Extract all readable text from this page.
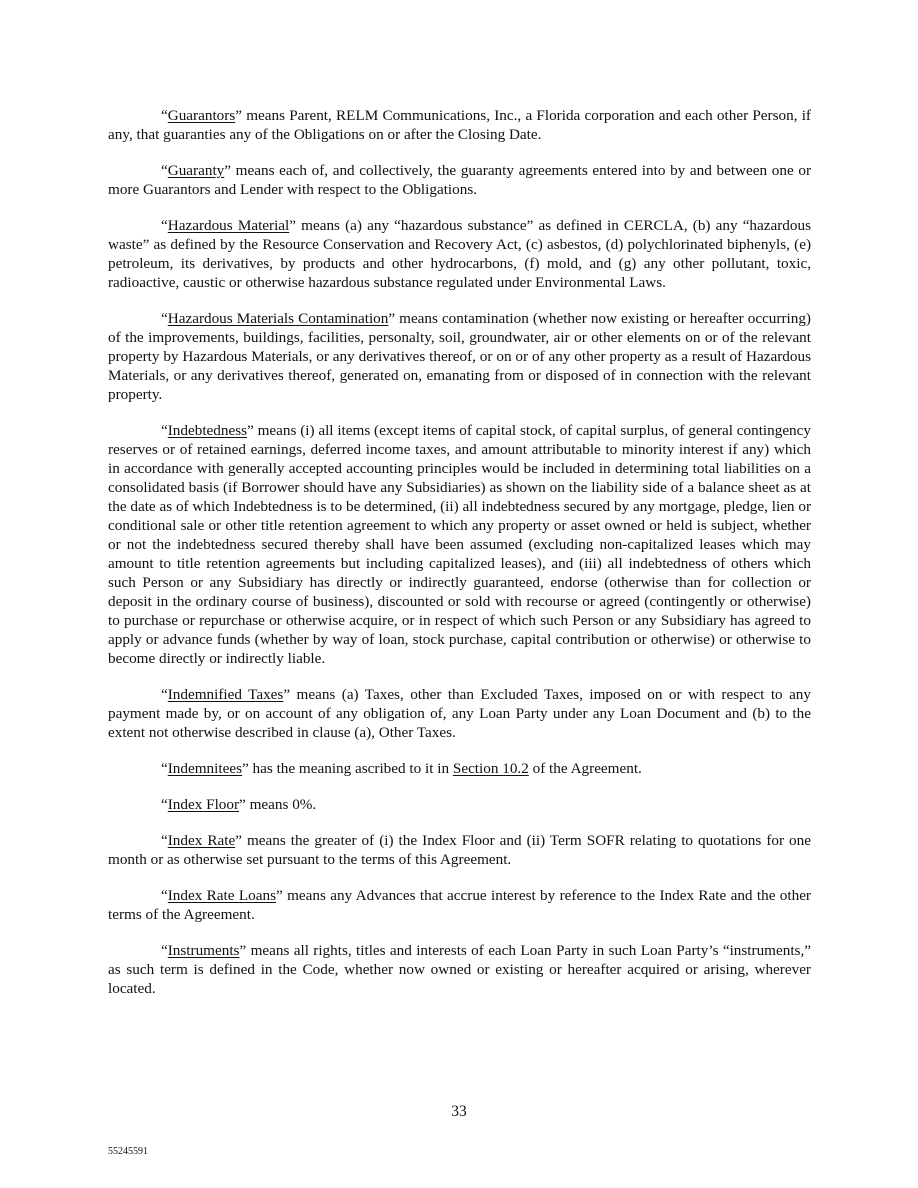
“Guarantors” means Parent, RELM Communications, Inc., a Florida corporation and each other Person, if any, that guaranties any of the Obligations on or after the Closing Date.

“Guaranty” means each of, and collectively, the guaranty agreements entered into by and between one or more Guarantors and Lender with respect to the Obligations.

“Hazardous Material” means (a) any “hazardous substance” as defined in CERCLA, (b) any “hazardous waste” as defined by the Resource Conservation and Recovery Act, (c) asbestos, (d) polychlorinated biphenyls, (e) petroleum, its derivatives, by products and other hydrocarbons, (f) mold, and (g) any other pollutant, toxic, radioactive, caustic or otherwise hazardous substance regulated under Environmental Laws.

“Hazardous Materials Contamination” means contamination (whether now existing or hereafter occurring) of the improvements, buildings, facilities, personalty, soil, groundwater, air or other elements on or of the relevant property by Hazardous Materials, or any derivatives thereof, or on or of any other property as a result of Hazardous Materials, or any derivatives thereof, generated on, emanating from or disposed of in connection with the relevant property.

“Indebtedness” means (i) all items (except items of capital stock, of capital surplus, of general contingency reserves or of retained earnings, deferred income taxes, and amount attributable to minority interest if any) which in accordance with generally accepted accounting principles would be included in determining total liabilities on a consolidated basis (if Borrower should have any Subsidiaries) as shown on the liability side of a balance sheet as at the date as of which Indebtedness is to be determined, (ii) all indebtedness secured by any mortgage, pledge, lien or conditional sale or other title retention agreement to which any property or asset owned or held is subject, whether or not the indebtedness secured thereby shall have been assumed (excluding non-capitalized leases which may amount to title retention agreements but including capitalized leases), and (iii) all indebtedness of others which such Person or any Subsidiary has directly or indirectly guaranteed, endorse (otherwise than for collection or deposit in the ordinary course of business), discounted or sold with recourse or agreed (contingently or otherwise) to purchase or repurchase or otherwise acquire, or in respect of which such Person or any Subsidiary has agreed to apply or advance funds (whether by way of loan, stock purchase, capital contribution or otherwise) or otherwise to become directly or indirectly liable.

“Indemnified Taxes” means (a) Taxes, other than Excluded Taxes, imposed on or with respect to any payment made by, or on account of any obligation of, any Loan Party under any Loan Document and (b) to the extent not otherwise described in clause (a), Other Taxes.

“Indemnitees” has the meaning ascribed to it in Section 10.2 of the Agreement.

“Index Floor” means 0%.

“Index Rate” means the greater of (i) the Index Floor and (ii) Term SOFR relating to quotations for one month or as otherwise set pursuant to the terms of this Agreement.

“Index Rate Loans” means any Advances that accrue interest by reference to the Index Rate and the other terms of the Agreement.

“Instruments” means all rights, titles and interests of each Loan Party in such Loan Party’s “instruments,” as such term is defined in the Code, whether now owned or existing or hereafter acquired or arising, wherever located.

33
55245591
